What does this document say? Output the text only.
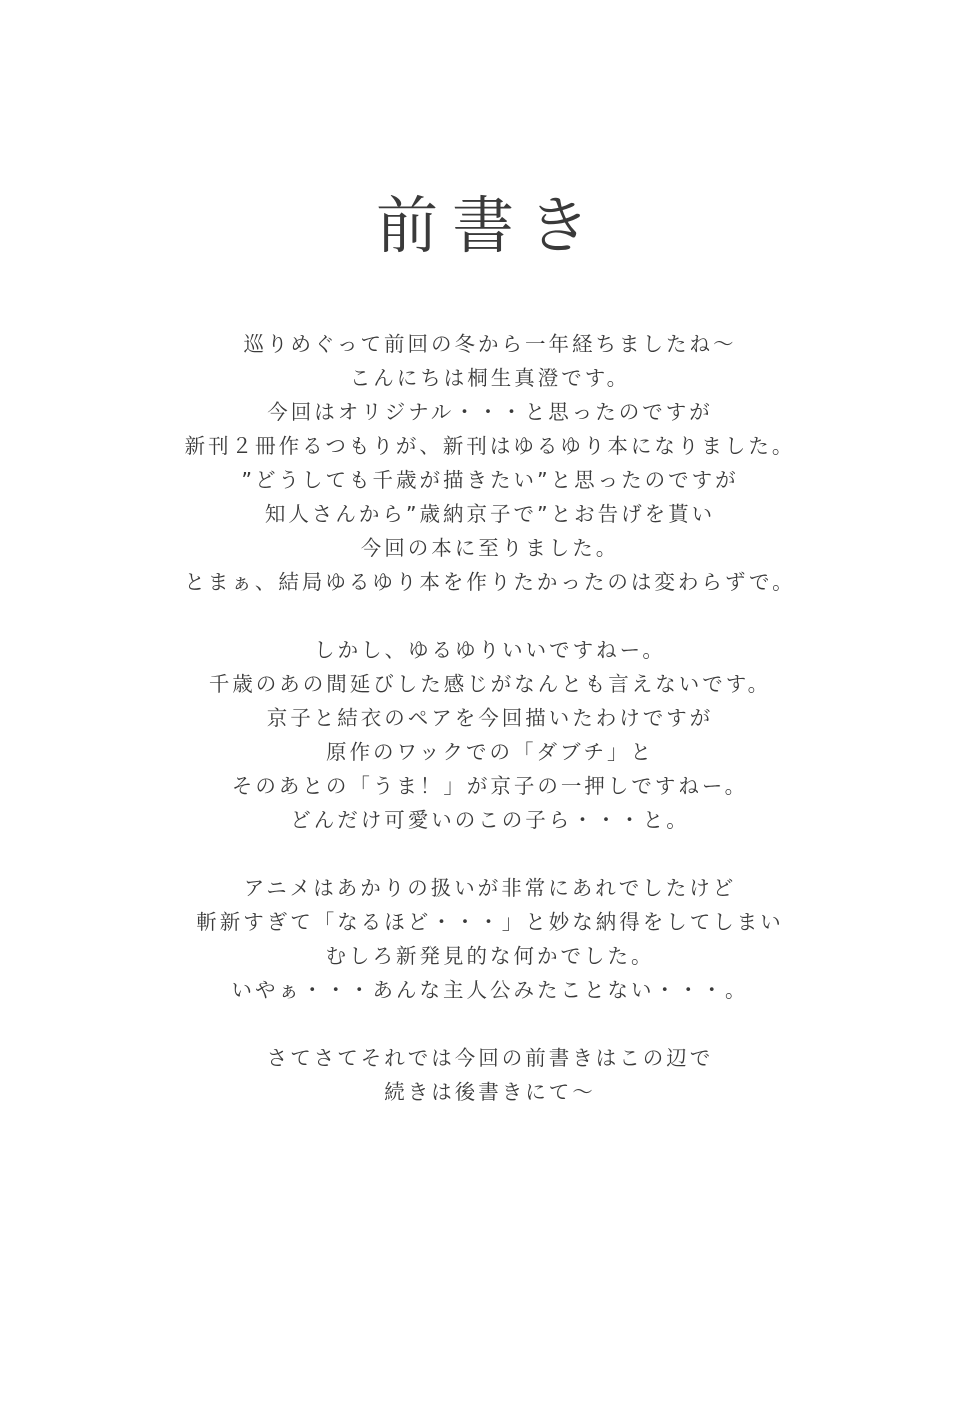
前書き
巡りめぐって前回の冬から一年経ちましたね〜
こんにちは桐生真澄です。
今回はオリジナル・・・と思ったのですが
新刊２冊作るつもりが、新刊はゆるゆり本になりました。
”どうしても千歳が描きたい”と思ったのですが
知人さんから”歳納京子で”とお告げを貰い
今回の本に至りました。
とまぁ、結局ゆるゆり本を作りたかったのは変わらずで。
しかし、ゆるゆりいいですねー。
千歳のあの間延びした感じがなんとも言えないです。
京子と結衣のペアを今回描いたわけですが
原作のワックでの「ダブチ」と
そのあとの「うま！」が京子の一押しですねー。
どんだけ可愛いのこの子ら・・・と。
アニメはあかりの扱いが非常にあれでしたけど
斬新すぎて「なるほど・・・」と妙な納得をしてしまい
むしろ新発見的な何かでした。
いやぁ・・・あんな主人公みたことない・・・。
さてさてそれでは今回の前書きはこの辺で
続きは後書きにて〜
